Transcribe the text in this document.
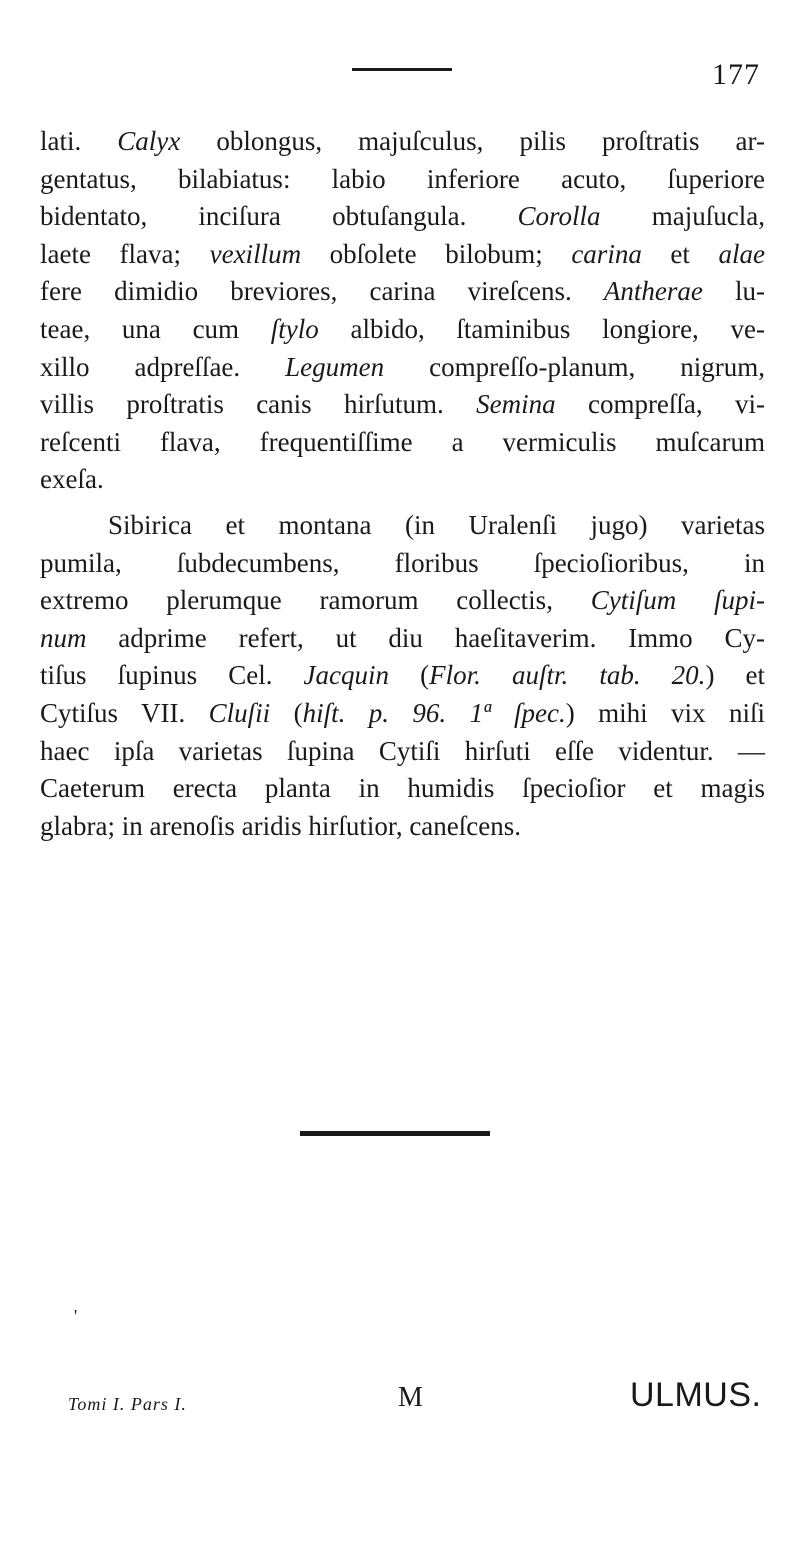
177
lati. Calyx oblongus, majuſculus, pilis proſtratis ar-
gentatus, bilabiatus: labio inferiore acuto, ſuperiore
bidentato, inciſura obtuſangula. Corolla majuſucla,
laete flava; vexillum obſolete bilobum; carina et alae
fere dimidio breviores, carina vireſcens. Antherae lu-
teae, una cum ſtylo albido, ſtaminibus longiore, ve-
xillo adpreſſae. Legumen compreſſo-planum, nigrum,
villis proſtratis canis hirſutum. Semina compreſſa, vi-
reſcenti flava, frequentiſſime a vermiculis muſcarum
exeſa.
Sibirica et montana (in Uralenſi jugo) varietas
pumila, ſubdecumbens, floribus ſpecioſioribus, in
extremo plerumque ramorum collectis, Cytiſum ſupi-
num adprime refert, ut diu haeſitaverim. Immo Cy-
tiſus ſupinus Cel. Jacquin (Flor. auſtr. tab. 20.) et
Cytiſus VII. Cluſii (hiſt. p. 96. 1ª ſpec.) mihi vix niſi
haec ipſa varietas ſupina Cytiſi hirſuti eſſe videntur. —
Caeterum erecta planta in humidis ſpecioſior et magis
glabra; in arenoſis aridis hirſutior, caneſcens.
'
Tomi I. Pars I.	M	ULMUS.
